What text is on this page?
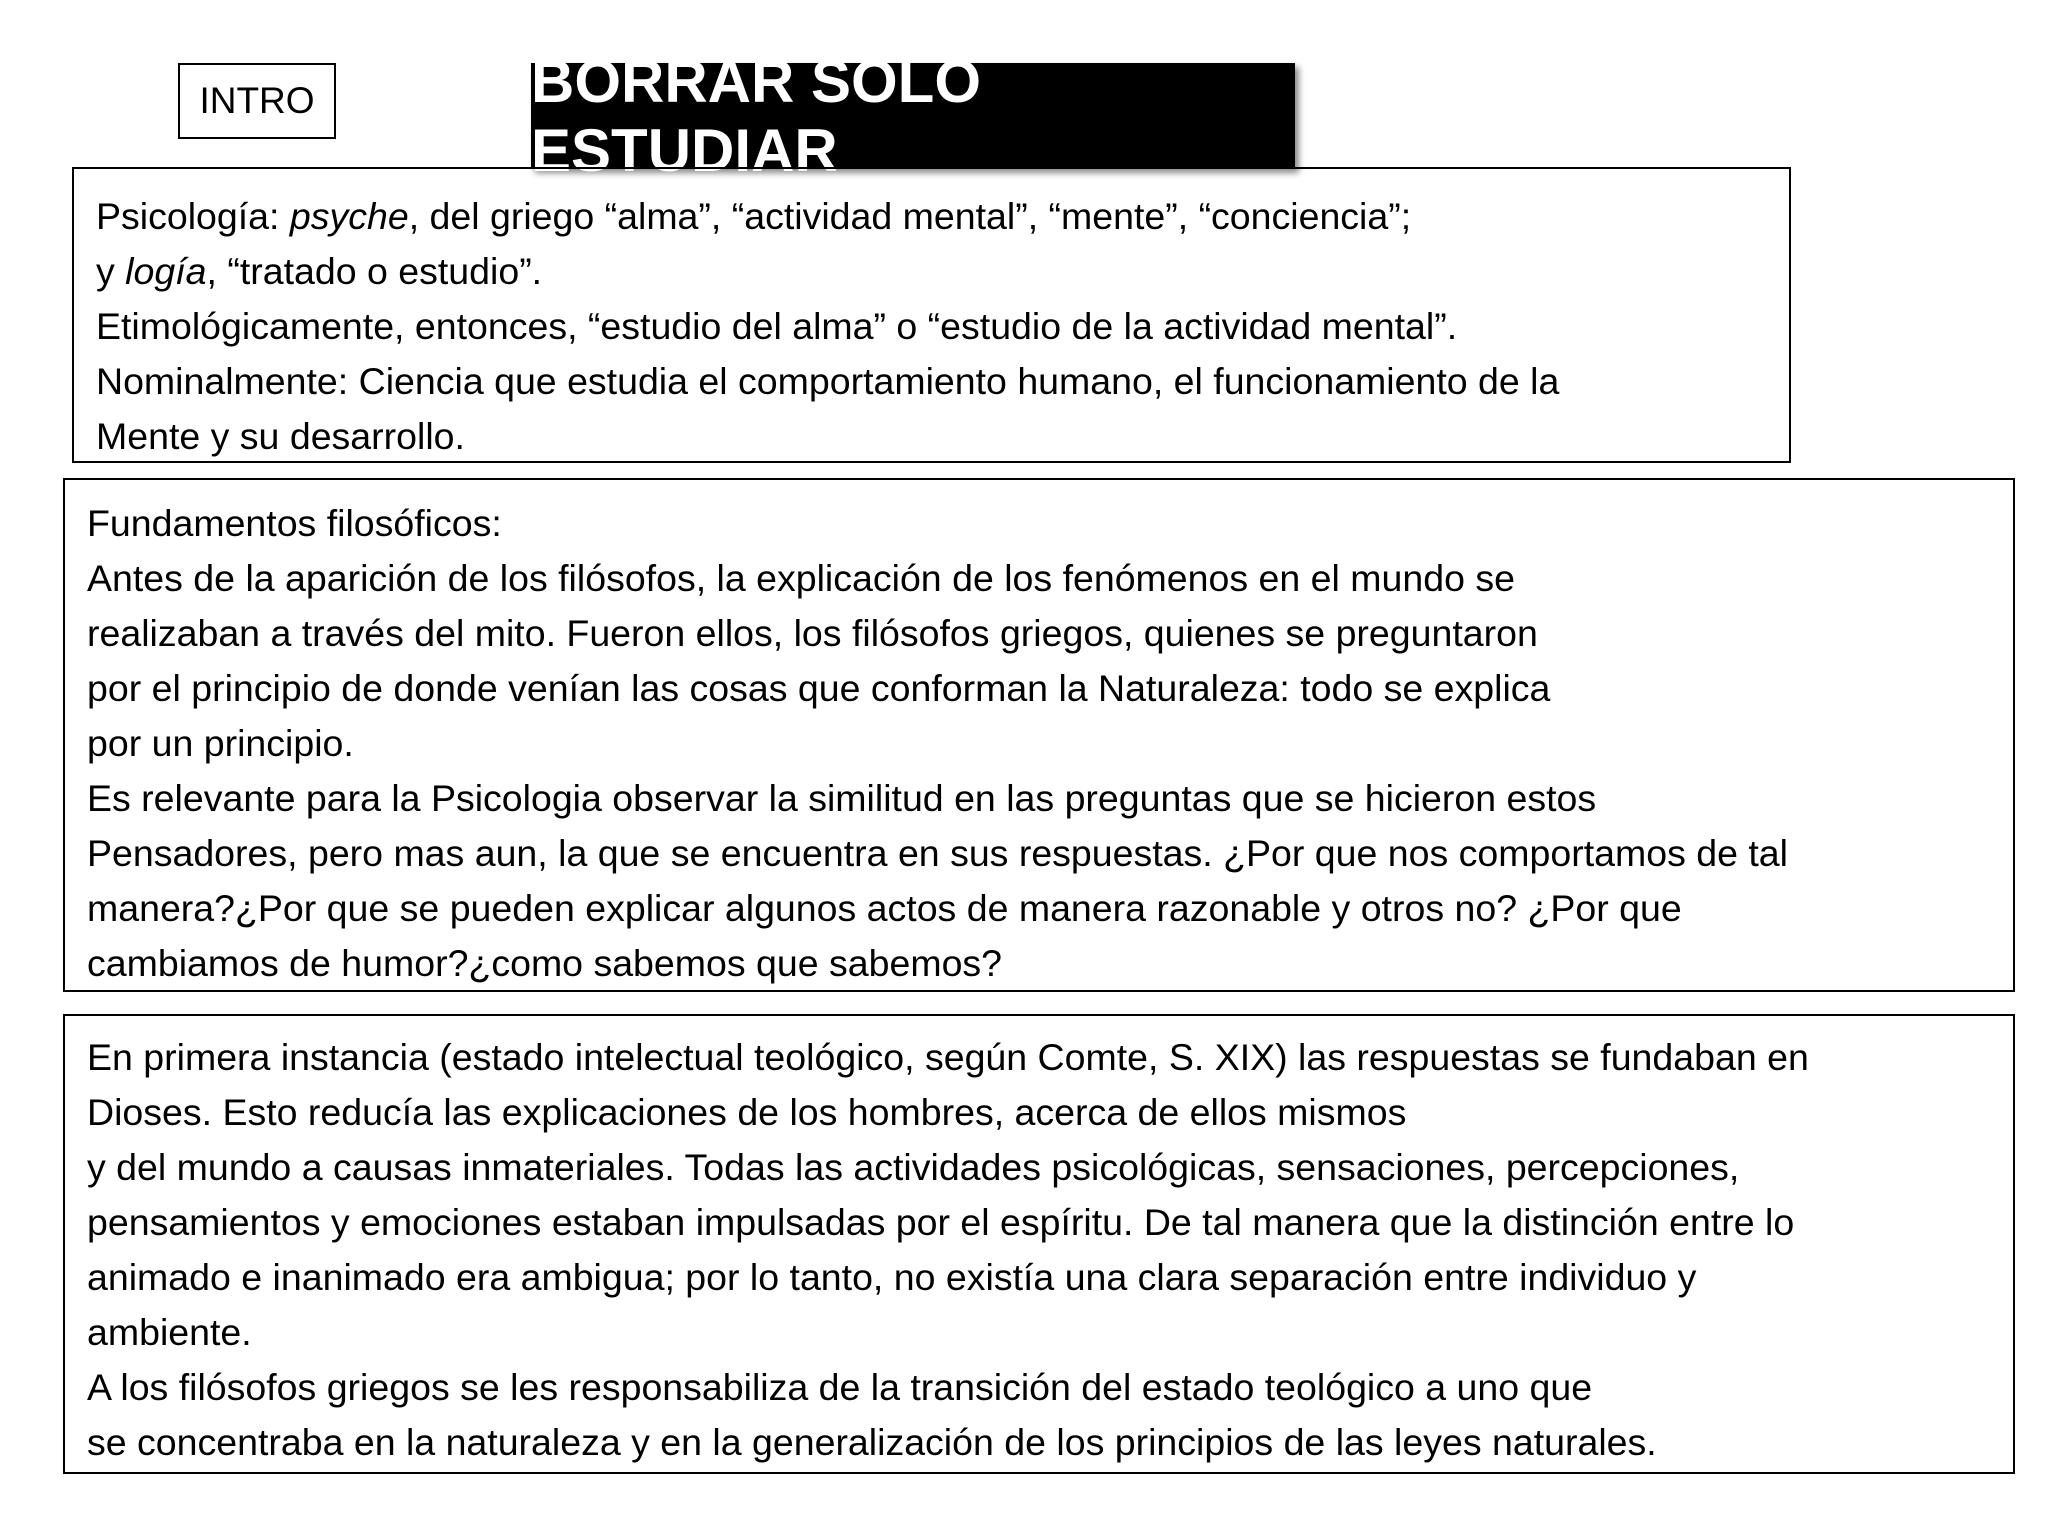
INTRO	BORRAR SOLO ESTUDIAR
Psicología: psyche, del griego “alma”, “actividad mental”, “mente”, “conciencia”;
y logía, “tratado o estudio”.
Etimológicamente, entonces, “estudio del alma” o “estudio de la actividad mental”.
Nominalmente: Ciencia que estudia el comportamiento humano, el funcionamiento de la
Mente y su desarrollo.
Fundamentos filosóficos:
Antes de la aparición de los filósofos, la explicación de los fenómenos en el mundo se
realizaban a través del mito. Fueron ellos, los filósofos griegos, quienes se preguntaron
por el principio de donde venían las cosas que conforman la Naturaleza: todo se explica
por un principio.
Es relevante para la Psicologia observar la similitud en las preguntas que se hicieron estos
Pensadores, pero mas aun, la que se encuentra en sus respuestas. ¿Por que nos comportamos de tal
manera?¿Por que se pueden explicar algunos actos de manera razonable y otros no? ¿Por que
cambiamos de humor?¿como sabemos que sabemos?
En primera instancia (estado intelectual teológico, según Comte, S. XIX) las respuestas se fundaban en
Dioses. Esto reducía las explicaciones de los hombres, acerca de ellos mismos
y del mundo a causas inmateriales. Todas las actividades psicológicas, sensaciones, percepciones,
pensamientos y emociones estaban impulsadas por el espíritu. De tal manera que la distinción entre lo
animado e inanimado era ambigua; por lo tanto, no existía una clara separación entre individuo y
ambiente.
A los filósofos griegos se les responsabiliza de la transición del estado teológico a uno que
se concentraba en la naturaleza y en la generalización de los principios de las leyes naturales.
